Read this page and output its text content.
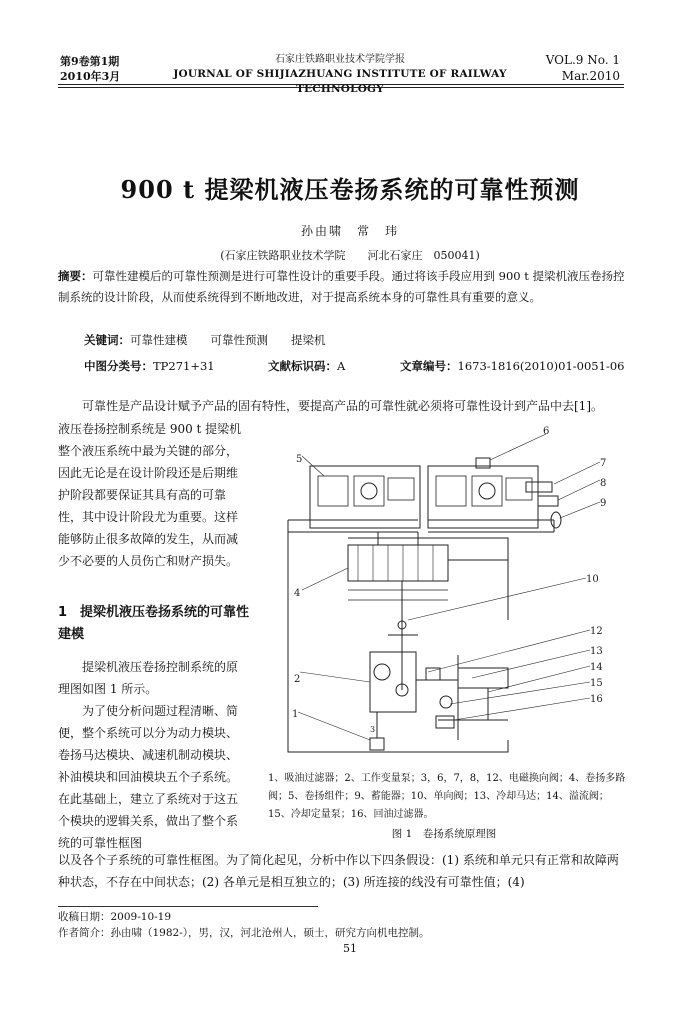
第9卷第1期
2010年3月
石家庄铁路职业技术学院学报
JOURNAL OF SHIJIAZHUANG INSTITUTE OF RAILWAY TECHNOLOGY
VOL.9 No. 1
Mar.2010
900 t 提梁机液压卷扬系统的可靠性预测
孙由啸　常　玮
(石家庄铁路职业技术学院　　河北石家庄　050041)
摘要：可靠性建模后的可靠性预测是进行可靠性设计的重要手段。通过将该手段应用到 900 t 提梁机液压卷扬控制系统的设计阶段，从而使系统得到不断地改进，对于提高系统本身的可靠性具有重要的意义。
关键词：可靠性建模　　可靠性预测　　提梁机
中图分类号：TP271+31	文献标识码：A	文章编号：1673-1816(2010)01-0051-06
可靠性是产品设计赋予产品的固有特性，要提高产品的可靠性就必须将可靠性设计到产品中去[1]。

液压卷扬控制系统是 900 t 提梁机整个液压系统中最为关键的部分，因此无论是在设计阶段还是后期维护阶段都要保证其具有高的可靠性，其中设计阶段尤为重要。这样能够防止很多故障的发生，从而减少不必要的人员伤亡和财产损失。

1　提梁机液压卷扬系统的可靠性建模

提梁机液压卷扬控制系统的原理图如图 1 所示。

为了使分析问题过程清晰、简便，整个系统可以分为动力模块、卷扬马达模块、减速机制动模块、补油模块和回油模块五个子系统。在此基础上，建立了系统对于这五个模块的逻辑关系，做出了整个系统的可靠性框图

2
1
4
5
6
7
8
9
10
12
13
14
15
16
3
1、吸油过滤器；2、工作变量泵；3，6，7，8，12、电磁换向阀；4、卷扬多路阀；5、卷扬组件；9、蓄能器；10、单向阀；13、冷却马达；14、溢流阀；15、冷却定量泵；16、回油过滤器。
图 1　卷扬系统原理图
以及各个子系统的可靠性框图。为了简化起见，分析中作以下四条假设：(1) 系统和单元只有正常和故障两种状态，不存在中间状态；(2) 各单元是相互独立的；(3) 所连接的线没有可靠性值；(4)
收稿日期：2009-10-19
作者简介：孙由啸（1982-），男，汉，河北沧州人，硕士，研究方向机电控制。
51
